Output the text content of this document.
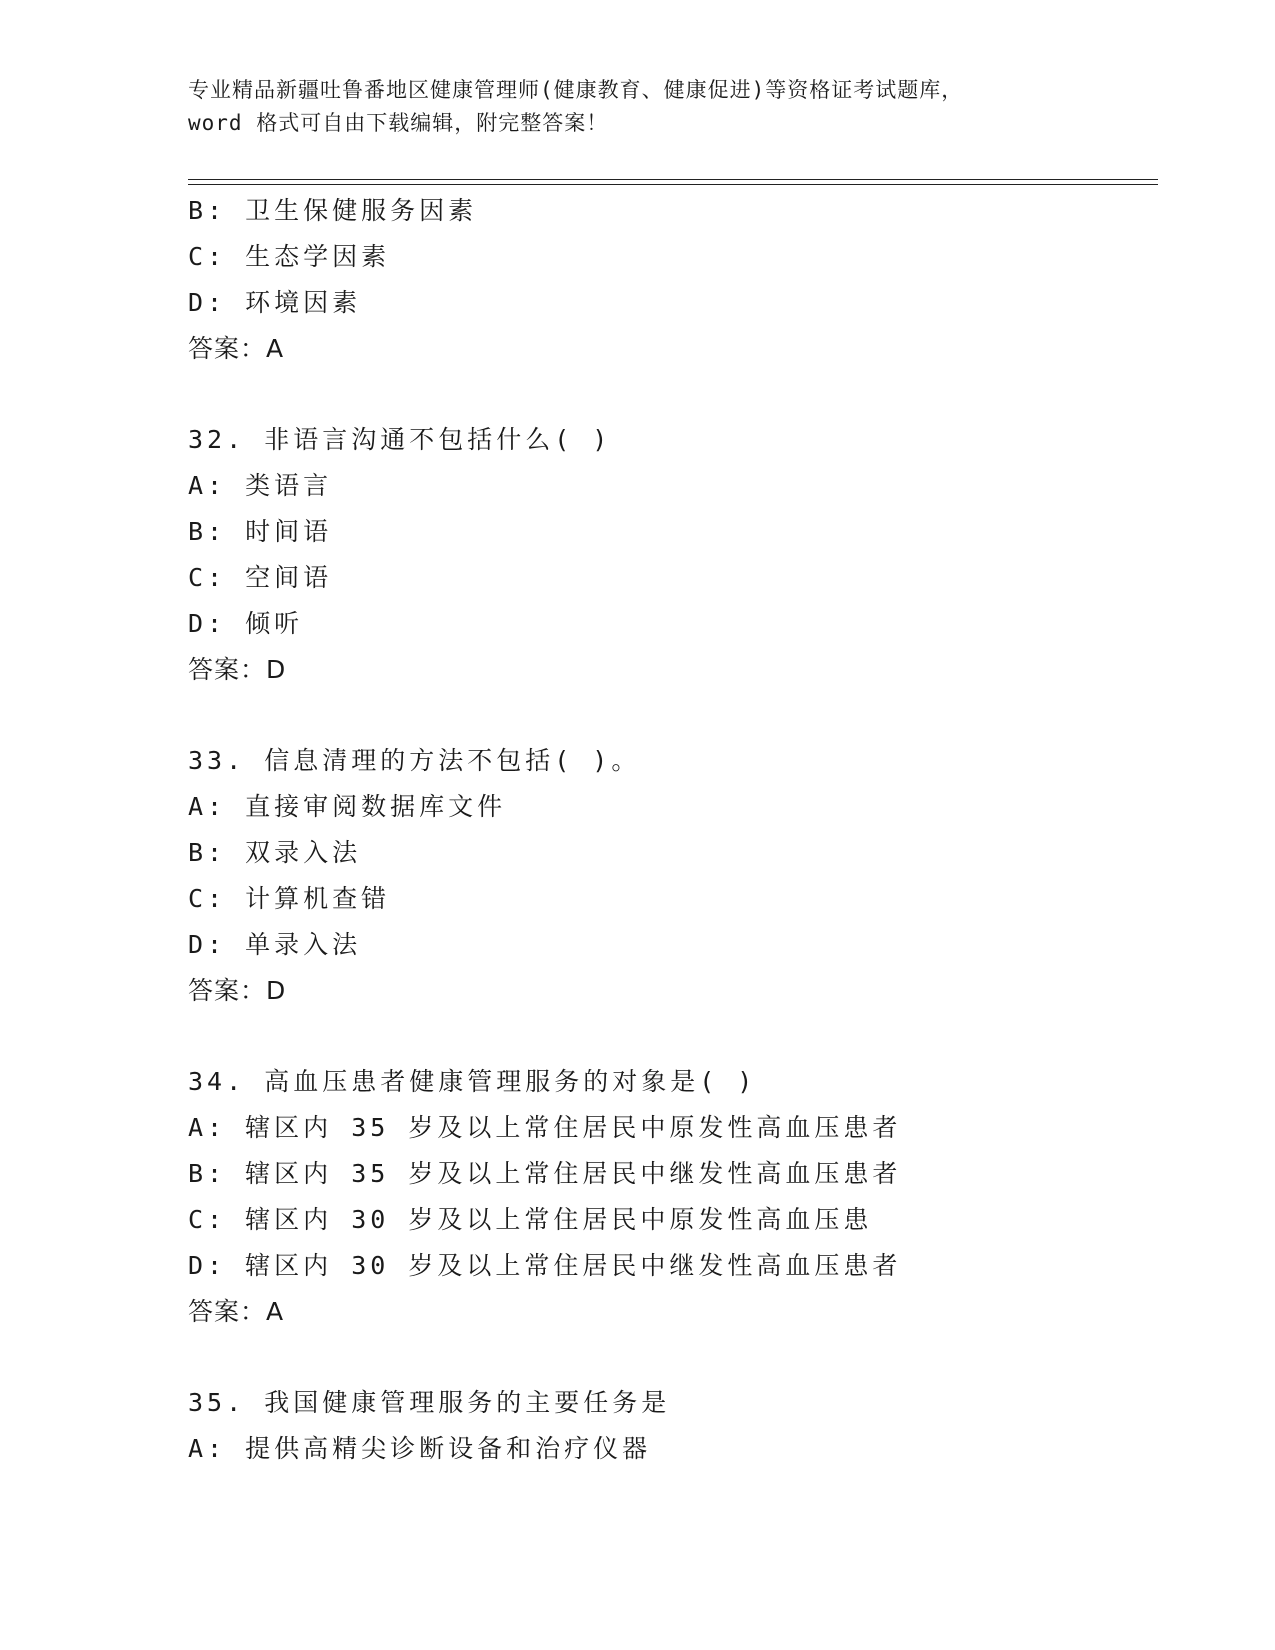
专业精品新疆吐鲁番地区健康管理师(健康教育、健康促进)等资格证考试题库，
word 格式可自由下载编辑，附完整答案！
B: 卫生保健服务因素
C: 生态学因素
D: 环境因素
答案：A
32. 非语言沟通不包括什么( )
A: 类语言
B: 时间语
C: 空间语
D: 倾听
答案：D
33. 信息清理的方法不包括( )。
A: 直接审阅数据库文件
B: 双录入法
C: 计算机查错
D: 单录入法
答案：D
34. 高血压患者健康管理服务的对象是( )
A: 辖区内 35 岁及以上常住居民中原发性高血压患者
B: 辖区内 35 岁及以上常住居民中继发性高血压患者
C: 辖区内 30 岁及以上常住居民中原发性高血压患
D: 辖区内 30 岁及以上常住居民中继发性高血压患者
答案：A
35. 我国健康管理服务的主要任务是
A: 提供高精尖诊断设备和治疗仪器
